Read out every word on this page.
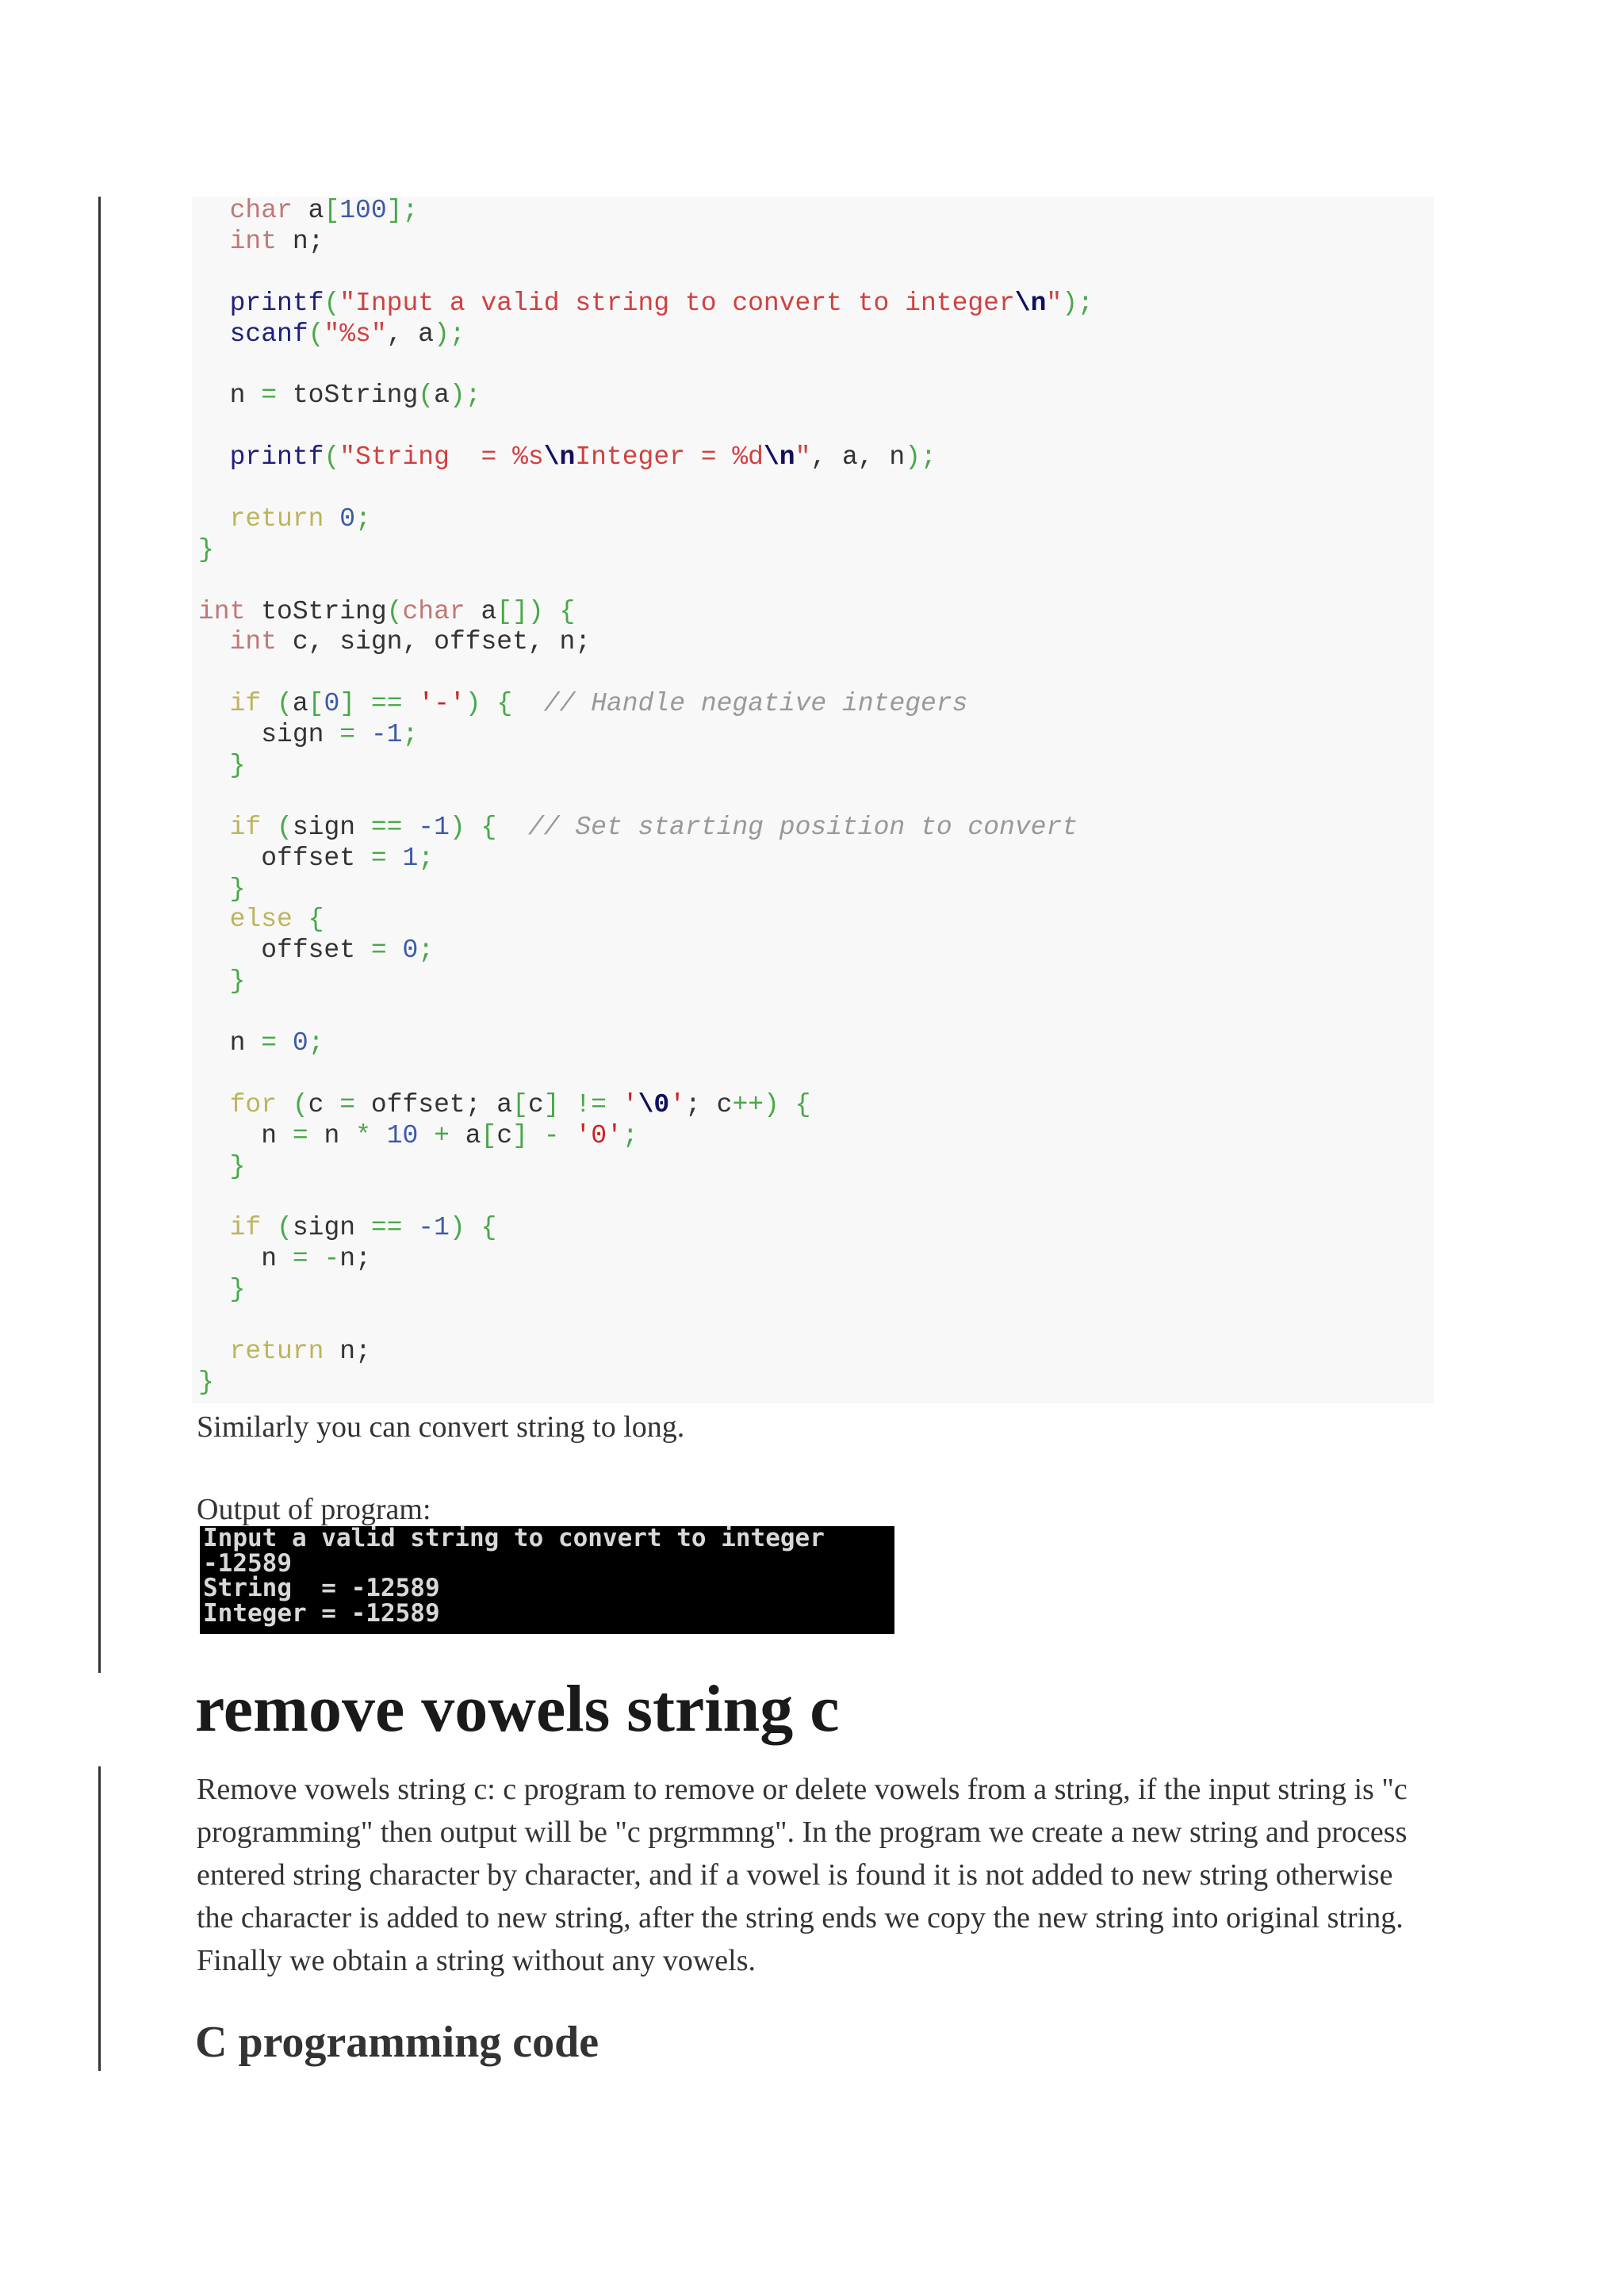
char a[100];
int n;
printf("Input a valid string to convert to integer\n");
scanf("%s", a);
n = toString(a);
printf("String  = %s\nInteger = %d\n", a, n);
return 0;
}
int toString(char a[]) {
int c, sign, offset, n;
if (a[0] == '-') { // Handle negative integers
sign = -1;
}
if (sign == -1) { // Set starting position to convert
offset = 1;
}
else {
offset = 0;
}
n = 0;
for (c = offset; a[c] != '\0'; c++) {
n = n * 10 + a[c] - '0';
}
if (sign == -1) {
n = -n;
}
return n;
}

Similarly you can convert string to long.

Output of program:

Input a valid string to convert to integer
-12589
String  = -12589
Integer = -12589
remove vowels string c

Remove vowels string c: c program to remove or delete vowels from a string, if the input string is "c programming" then output will be "c prgrmmng". In the program we create a new string and process entered string character by character, and if a vowel is found it is not added to new string otherwise the character is added to new string, after the string ends we copy the new string into original string. Finally we obtain a string without any vowels.

C programming code
